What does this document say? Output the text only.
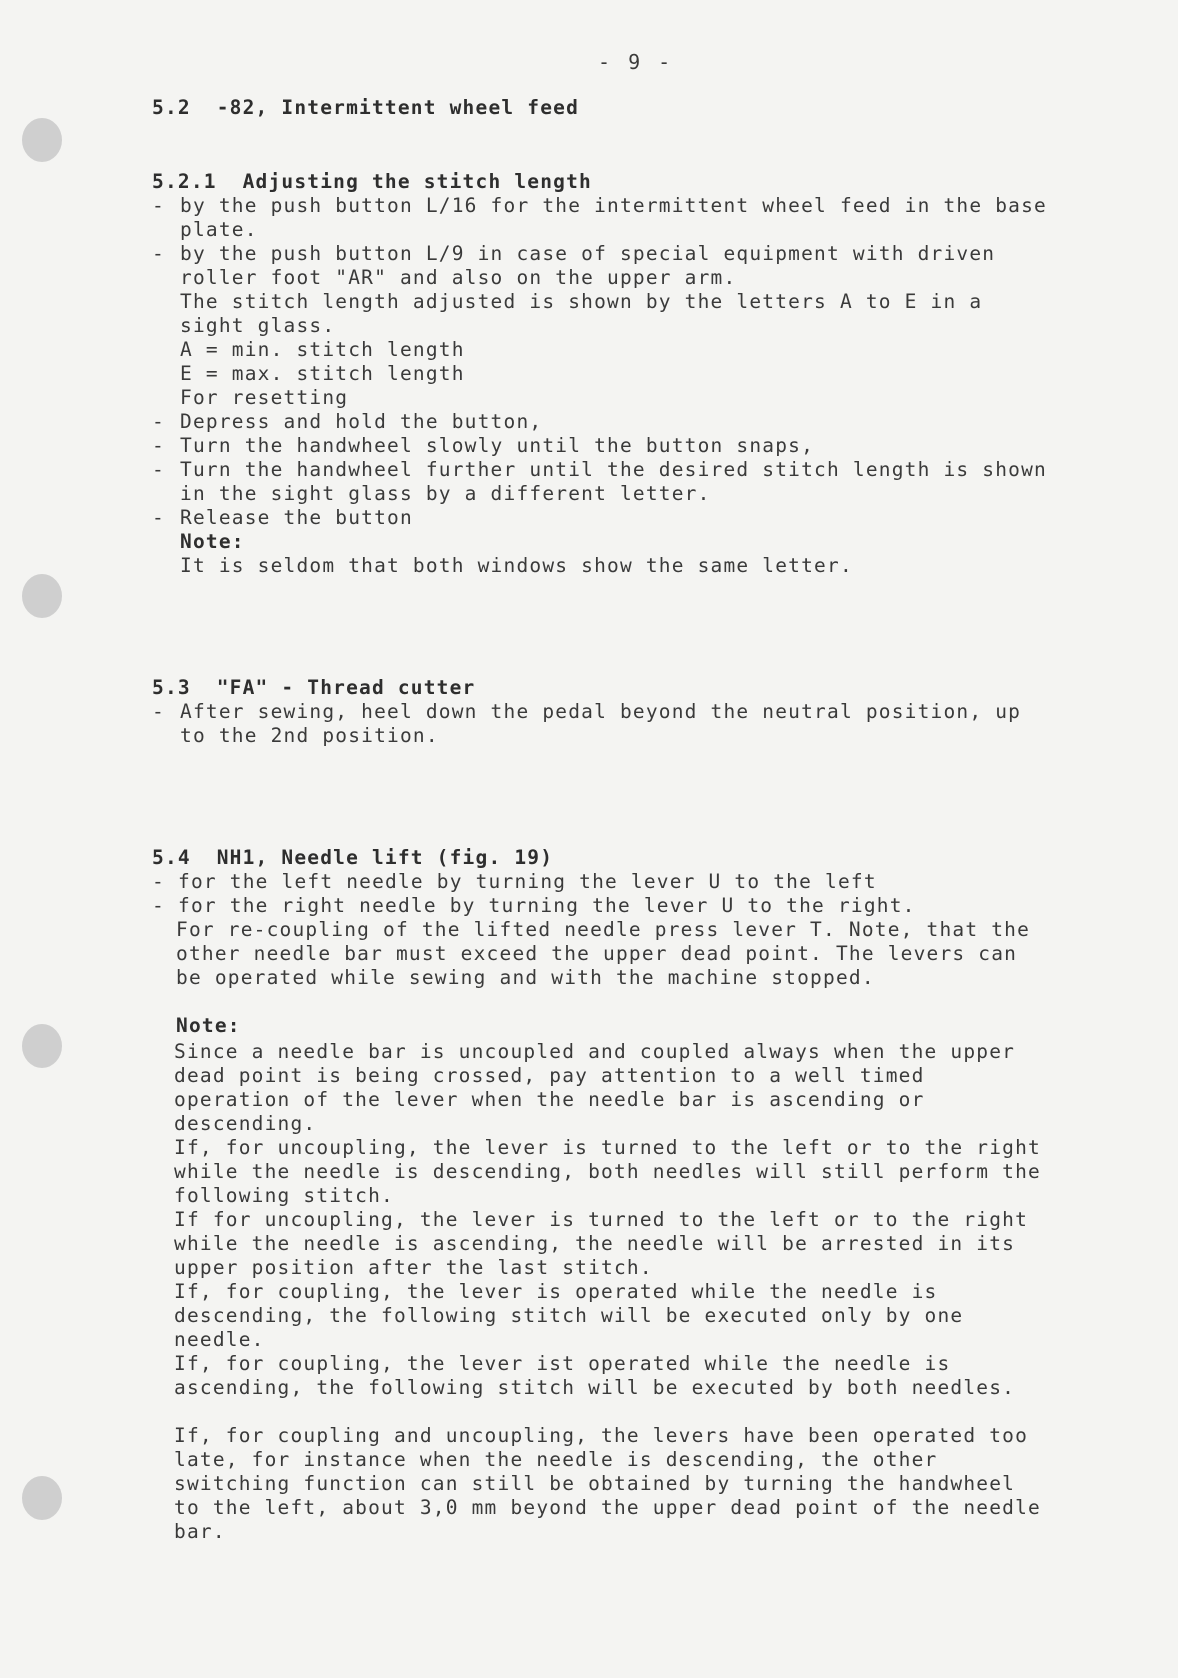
- 9 -
5.2  -82, Intermittent wheel feed
5.2.1  Adjusting the stitch length
- by the push button L/16 for the intermittent wheel feed in the base
plate.
- by the push button L/9 in case of special equipment with driven
roller foot "AR" and also on the upper arm.
The stitch length adjusted is shown by the letters A to E in a
sight glass.
A = min. stitch length
E = max. stitch length
For resetting
- Depress and hold the button,
- Turn the handwheel slowly until the button snaps,
- Turn the handwheel further until the desired stitch length is shown
in the sight glass by a different letter.
- Release the button
Note:
It is seldom that both windows show the same letter.
5.3  "FA" - Thread cutter
- After sewing, heel down the pedal beyond the neutral position, up
to the 2nd position.
5.4  NH1, Needle lift (fig. 19)
- for the left needle by turning the lever U to the left
- for the right needle by turning the lever U to the right.
For re-coupling of the lifted needle press lever T. Note, that the
other needle bar must exceed the upper dead point. The levers can
be operated while sewing and with the machine stopped.
Note:
Since a needle bar is uncoupled and coupled always when the upper
dead point is being crossed, pay attention to a well timed
operation of the lever when the needle bar is ascending or
descending.
If, for uncoupling, the lever is turned to the left or to the right
while the needle is descending, both needles will still perform the
following stitch.
If for uncoupling, the lever is turned to the left or to the right
while the needle is ascending, the needle will be arrested in its
upper position after the last stitch.
If, for coupling, the lever is operated while the needle is
descending, the following stitch will be executed only by one
needle.
If, for coupling, the lever ist operated while the needle is
ascending, the following stitch will be executed by both needles.
If, for coupling and uncoupling, the levers have been operated too
late, for instance when the needle is descending, the other
switching function can still be obtained by turning the handwheel
to the left, about 3,0 mm beyond the upper dead point of the needle
bar.
